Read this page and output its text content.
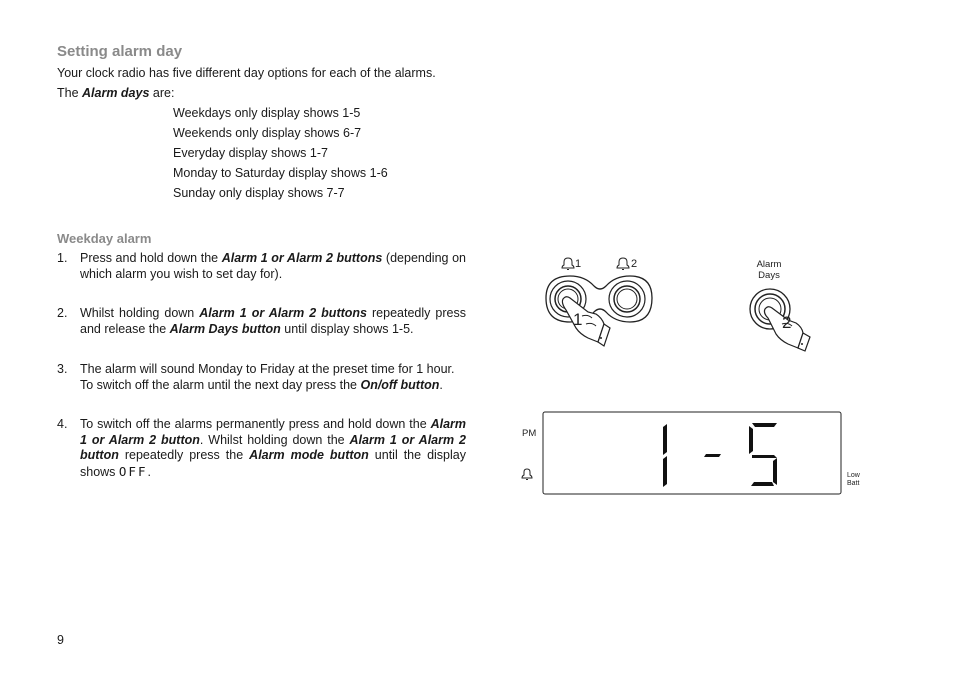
Setting alarm day
Your clock radio has five different day options for each of the alarms.
The Alarm days are:
Weekdays only display shows 1-5
Weekends only display shows 6-7
Everyday display shows 1-7
Monday to Saturday display shows 1-6
Sunday only display shows 7-7
Weekday alarm
1. Press and hold down the Alarm 1 or Alarm 2 buttons (depending on which alarm you wish to set day for).
2. Whilst holding down Alarm 1 or Alarm 2 buttons repeatedly press and release the Alarm Days button until display shows 1-5.
3. The alarm will sound Monday to Friday at the preset time for 1 hour. To switch off the alarm until the next day press the On/off button.
4. To switch off the alarms permanently press and hold down the Alarm 1 or Alarm 2 button. Whilst holding down the Alarm 1 or Alarm 2 button repeatedly press the Alarm mode button until the display shows OFF.
1	2
1
Alarm
Days
2
PM
Low
Batt
9
